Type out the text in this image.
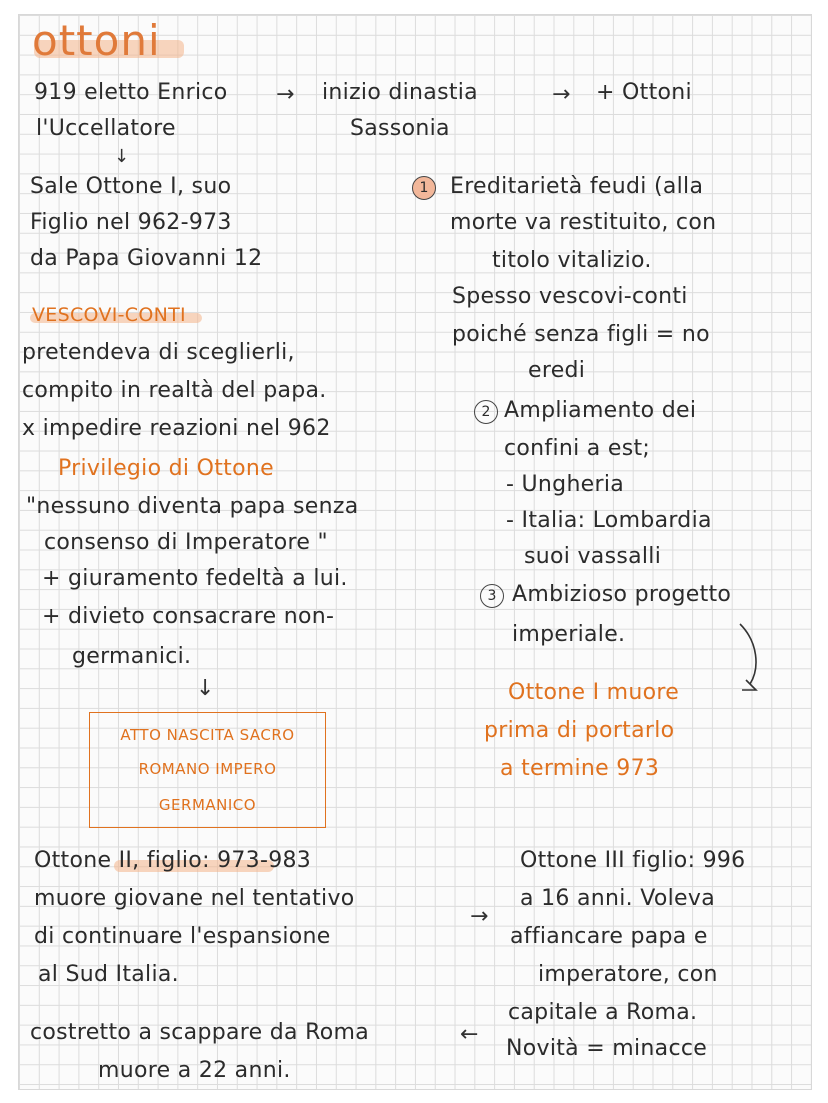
ottoni
919 eletto Enrico → inizio dinastia	→ + Ottoni
l'Uccellatore	Sassonia
↓
Sale Ottone I, suo
Figlio nel 962-973
da Papa Giovanni 12
VESCOVI-CONTI
pretendeva di sceglierli,
compito in realtà del papa.
x impedire reazioni nel 962
Privilegio di Ottone
"nessuno diventa papa senza
consenso di Imperatore "
+ giuramento fedeltà a lui.
+ divieto consacrare non-
germanici.
↓
ATTO NASCITA SACRO
ROMANO IMPERO
GERMANICO
1 Ereditarietà feudi (alla
morte va restituito, con
titolo vitalizio.
Spesso vescovi-conti
poiché senza figli = no
eredi
2 Ampliamento dei
confini a est;
- Ungheria
- Italia: Lombardia
suoi vassalli
3 Ambizioso progetto
imperiale.
Ottone I muore
prima di portarlo
a termine 973
Ottone II, figlio: 973-983
muore giovane nel tentativo
di continuare l'espansione
al Sud Italia.
→
Ottone III figlio: 996
a 16 anni. Voleva
affiancare papa e
imperatore, con
capitale a Roma.
Novità = minacce
costretto a scappare da Roma	←
muore a 22 anni.
